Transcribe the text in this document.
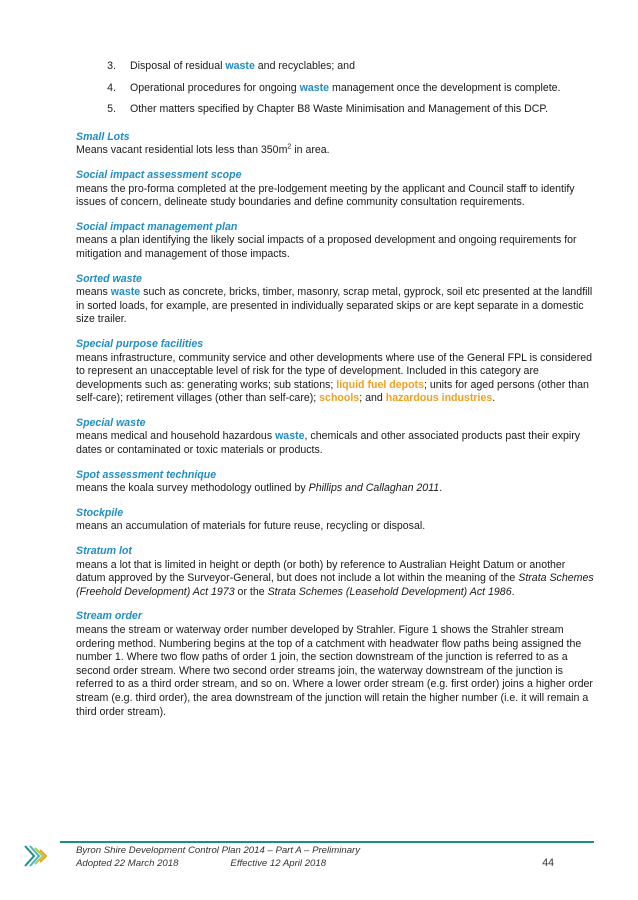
3.	Disposal of residual waste and recyclables; and
4.	Operational procedures for ongoing waste management once the development is complete.
5.	Other matters specified by Chapter B8 Waste Minimisation and Management of this DCP.
Small Lots

Means vacant residential lots less than $350m^2$ in area.

Social impact assessment scope

means the pro-forma completed at the pre-lodgement meeting by the applicant and Council staff to identify issues of concern, delineate study boundaries and define community consultation requirements.

Social impact management plan

means a plan identifying the likely social impacts of a proposed development and ongoing requirements for mitigation and management of those impacts.

Sorted waste

means waste such as concrete, bricks, timber, masonry, scrap metal, gyprock, soil etc presented at the landfill in sorted loads, for example, are presented in individually separated skips or are kept separate in a domestic size trailer.

Special purpose facilities

means infrastructure, community service and other developments where use of the General FPL is considered to represent an unacceptable level of risk for the type of development. Included in this category are developments such as: generating works; sub stations; liquid fuel depots; units for aged persons (other than self-care); retirement villages (other than self-care); schools; and hazardous industries.

Special waste

means medical and household hazardous waste, chemicals and other associated products past their expiry dates or contaminated or toxic materials or products.

Spot assessment technique

means the koala survey methodology outlined by Phillips and Callaghan 2011.

Stockpile

means an accumulation of materials for future reuse, recycling or disposal.

Stratum lot

means a lot that is limited in height or depth (or both) by reference to Australian Height Datum or another datum approved by the Surveyor-General, but does not include a lot within the meaning of the Strata Schemes (Freehold Development) Act 1973 or the Strata Schemes (Leasehold Development) Act 1986.

Stream order

means the stream or waterway order number developed by Strahler. Figure 1 shows the Strahler stream ordering method. Numbering begins at the top of a catchment with headwater flow paths being assigned the number 1. Where two flow paths of order 1 join, the section downstream of the junction is referred to as a second order stream. Where two second order streams join, the waterway downstream of the junction is referred to as a third order stream, and so on. Where a lower order stream (e.g. first order) joins a higher order stream (e.g. third order), the area downstream of the junction will retain the higher number (i.e. it will remain a third order stream).

Byron Shire Development Control Plan 2014 – Part A – Preliminary
Adopted 22 March 2018	Effective 12 April 2018	44
